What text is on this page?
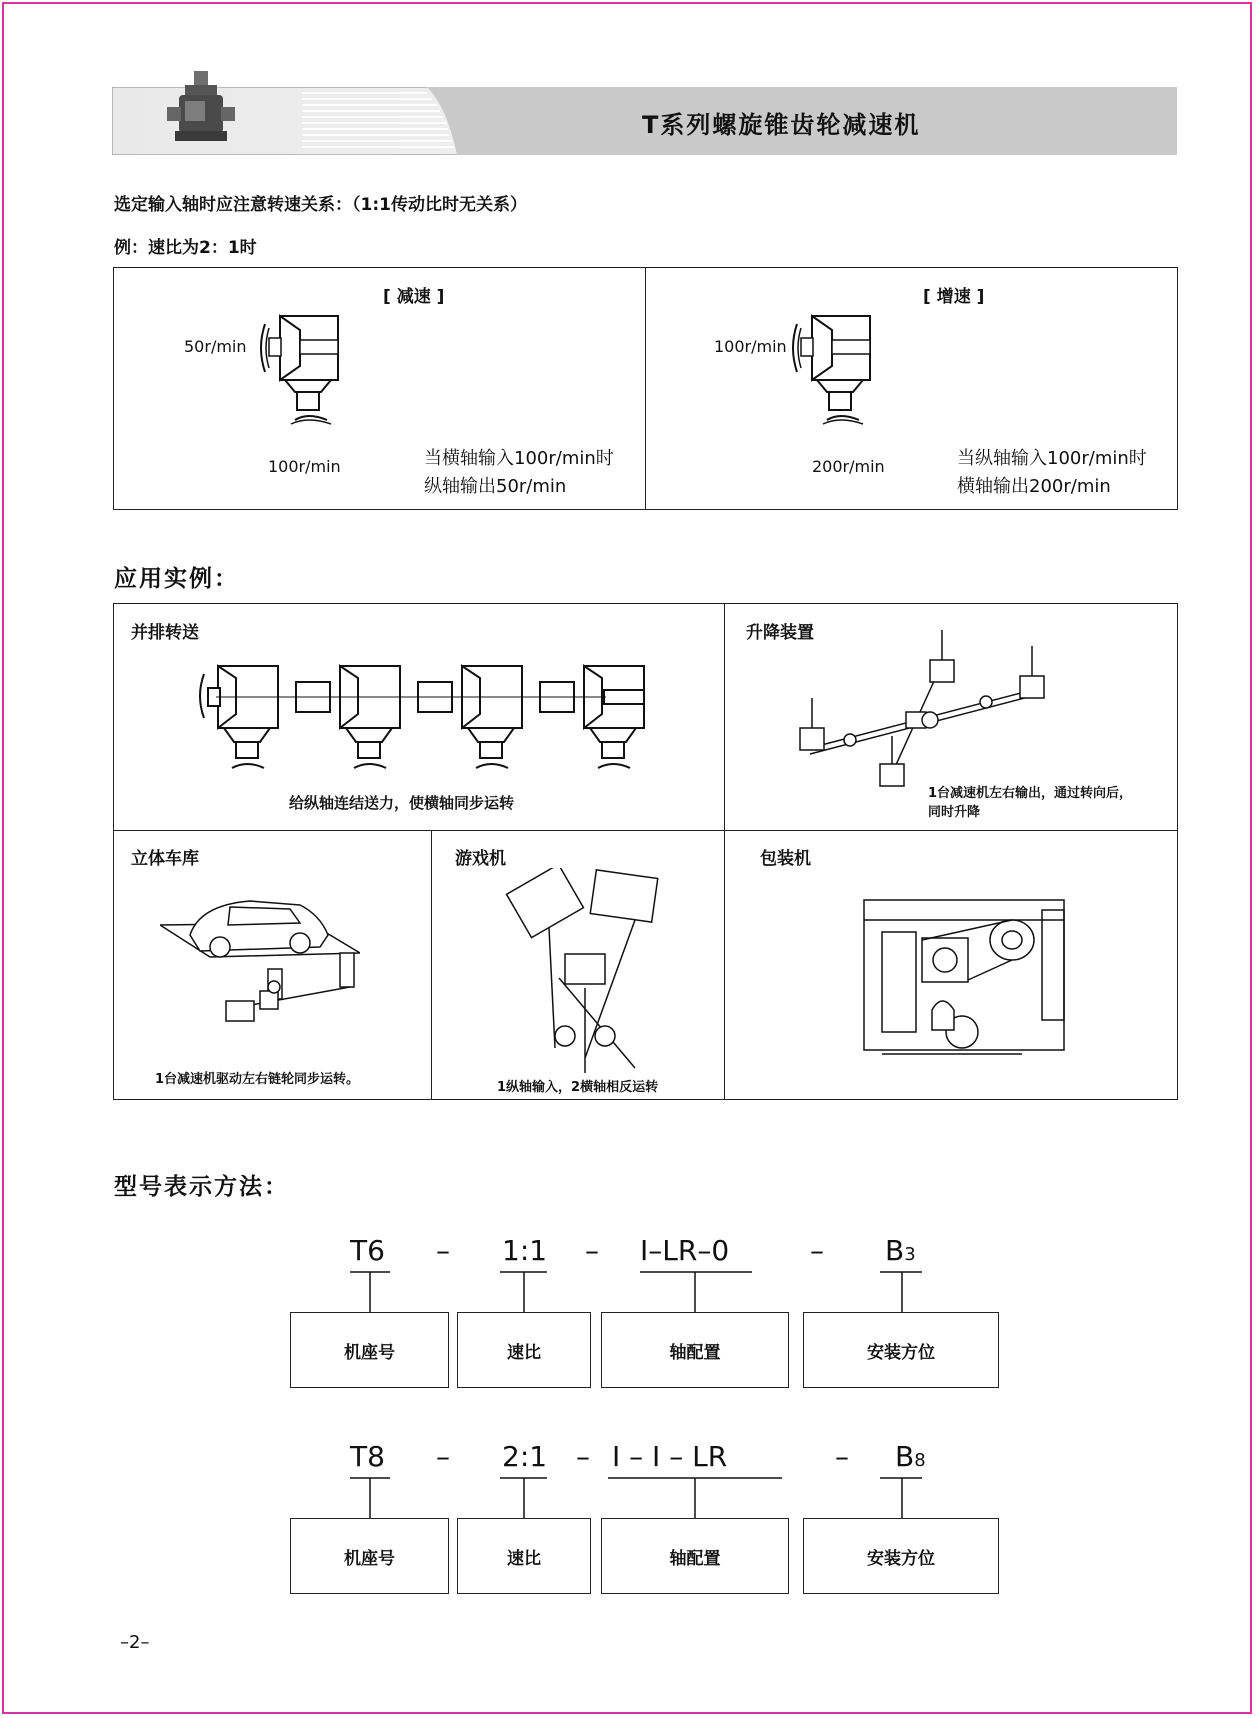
T系列螺旋锥齿轮减速机
选定输入轴时应注意转速关系：（1:1传动比时无关系）
例：速比为2：1时
[ 减速 ]
50r/min
100r/min	当横轴输入100r/min时
纵轴输出50r/min
[ 增速 ]
100r/min
200r/min	当纵轴输入100r/min时
横轴输出200r/min
应用实例：
并排转送
给纵轴连结送力，使横轴同步运转
升降装置
1台减速机左右输出，通过转向后，
同时升降
立体车库
1台减速机驱动左右链轮同步运转。
游戏机
1纵轴输入，2横轴相反运转
包装机
型号表示方法：
T6 – 1:1 – I–LR–0	– B3
机座号	速比	轴配置	安装方位
T8 – 2:1 – I – I – LR	– B8
机座号	速比	轴配置	安装方位
–2–
